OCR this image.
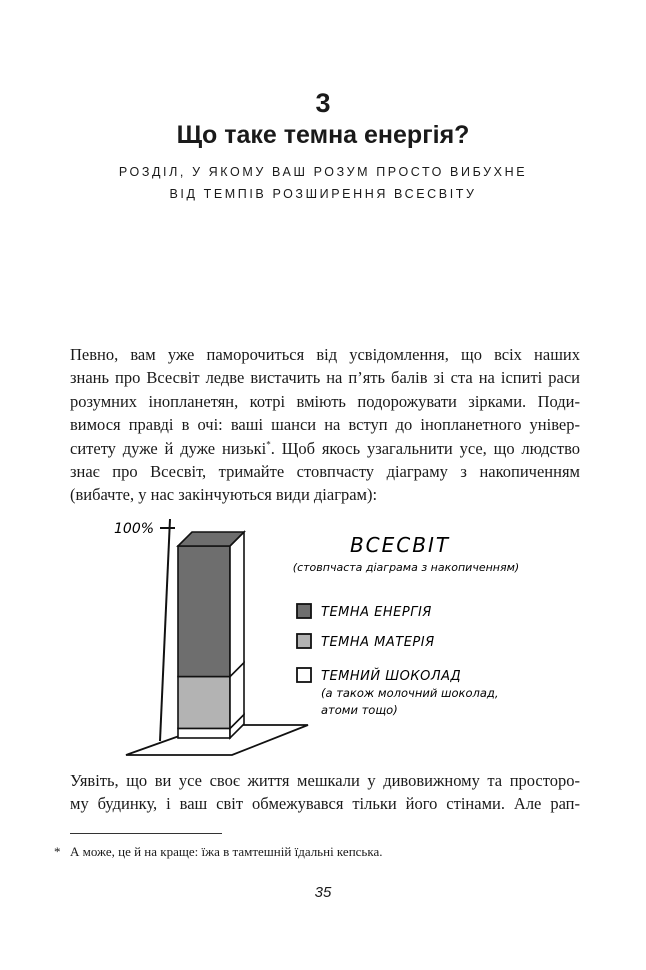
3
Що таке темна енергія?
РОЗДІЛ, У ЯКОМУ ВАШ РОЗУМ ПРОСТО ВИБУХНЕ
ВІД ТЕМПІВ РОЗШИРЕННЯ ВСЕСВІТУ
Певно, вам уже паморочиться від усвідомлення, що всіх наших
знань про Всесвіт ледве вистачить на п’ять балів зі ста на іспиті раси
розумних інопланетян, котрі вміють подорожувати зірками. Поди-
вимося правді в очі: ваші шанси на вступ до інопланетного універ-
ситету дуже й дуже низькі*. Щоб якось узагальнити усе, що людство
знає про Всесвіт, тримайте стовпчасту діаграму з накопиченням
(вибачте, у нас закінчуються види діаграм):
100%
ВСЕСВІТ
(стовпчаста діаграма з накопиченням)
ТЕМНА ЕНЕРГІЯ
ТЕМНА МАТЕРІЯ
ТЕМНИЙ ШОКОЛАД
(а також молочний шоколад,
атоми тощо)
Уявіть, що ви усе своє життя мешкали у дивовижному та просторо-
му будинку, і ваш світ обмежувався тільки його стінами. Але рап-
* А може, це й на краще: їжа в тамтешній їдальні кепська.
35
